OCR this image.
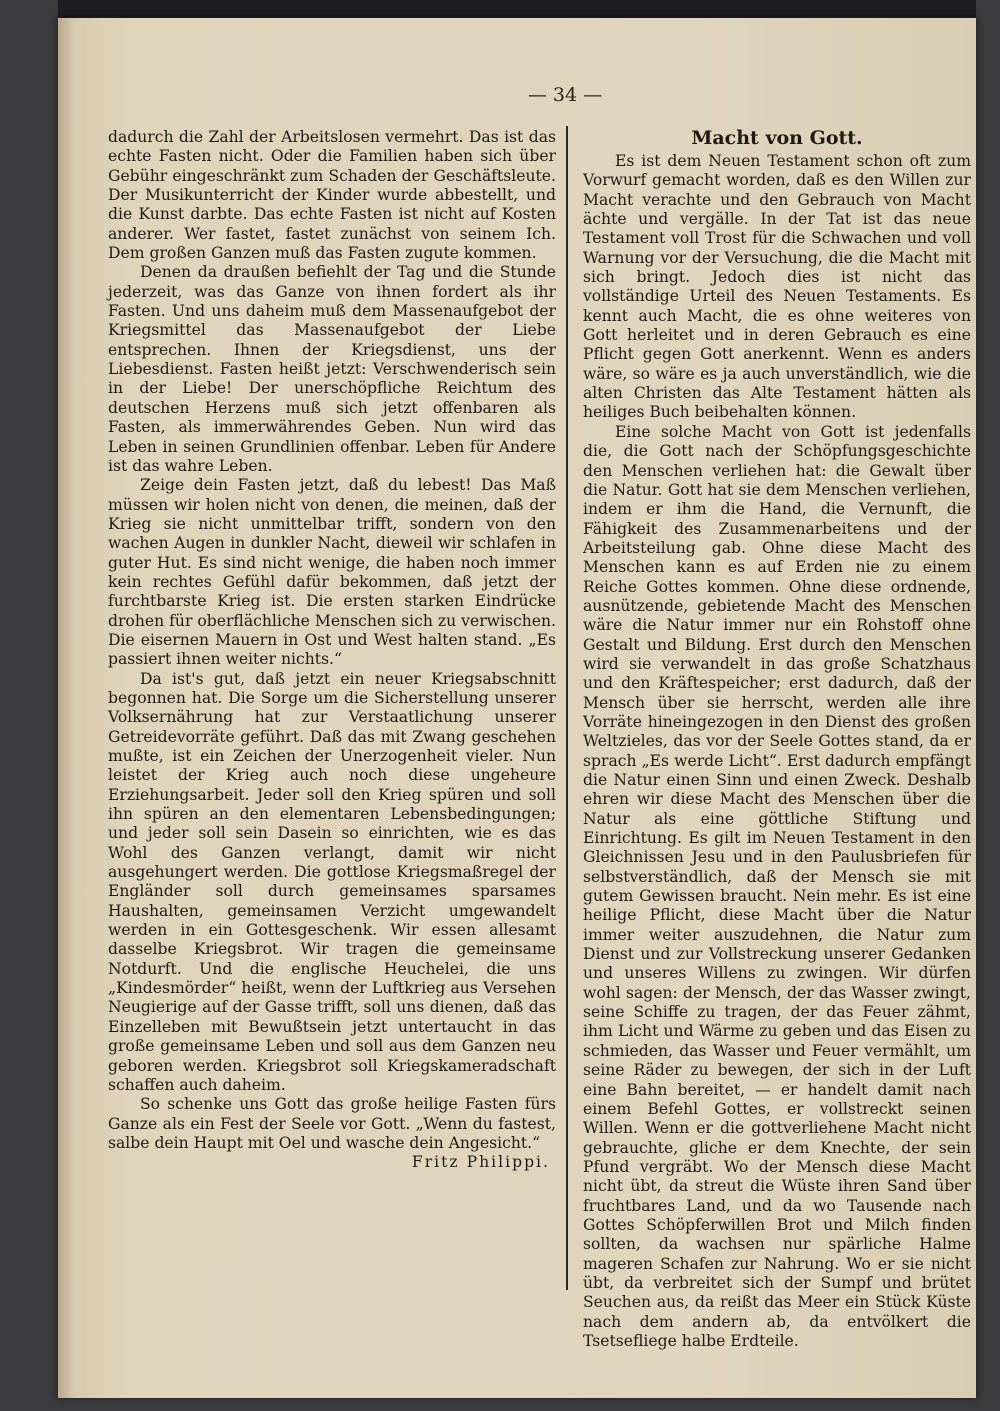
— 34 —

dadurch die Zahl der Arbeitslosen vermehrt. Das ist das echte Fasten nicht. Oder die Familien haben sich über Gebühr eingeschränkt zum Schaden der Geschäftsleute. Der Musikunterricht der Kinder wurde abbestellt, und die Kunst darbte. Das echte Fasten ist nicht auf Kosten anderer. Wer fastet, fastet zunächst von seinem Ich. Dem großen Ganzen muß das Fasten zugute kommen.

Denen da draußen befiehlt der Tag und die Stunde jederzeit, was das Ganze von ihnen fordert als ihr Fasten. Und uns daheim muß dem Massenaufgebot der Kriegsmittel das Massenaufgebot der Liebe entsprechen. Ihnen der Kriegsdienst, uns der Liebesdienst. Fasten heißt jetzt: Verschwenderisch sein in der Liebe! Der unerschöpfliche Reichtum des deutschen Herzens muß sich jetzt offenbaren als Fasten, als immerwährendes Geben. Nun wird das Leben in seinen Grundlinien offenbar. Leben für Andere ist das wahre Leben.

Zeige dein Fasten jetzt, daß du lebest! Das Maß müssen wir holen nicht von denen, die meinen, daß der Krieg sie nicht unmittelbar trifft, sondern von den wachen Augen in dunkler Nacht, dieweil wir schlafen in guter Hut. Es sind nicht wenige, die haben noch immer kein rechtes Gefühl dafür bekommen, daß jetzt der furchtbarste Krieg ist. Die ersten starken Eindrücke drohen für oberflächliche Menschen sich zu verwischen. Die eisernen Mauern in Ost und West halten stand. „Es passiert ihnen weiter nichts.“

Da ist's gut, daß jetzt ein neuer Kriegsabschnitt begonnen hat. Die Sorge um die Sicherstellung unserer Volksernährung hat zur Verstaatlichung unserer Getreidevorräte geführt. Daß das mit Zwang geschehen mußte, ist ein Zeichen der Unerzogenheit vieler. Nun leistet der Krieg auch noch diese ungeheure Erziehungsarbeit. Jeder soll den Krieg spüren und soll ihn spüren an den elementaren Lebensbedingungen; und jeder soll sein Dasein so einrichten, wie es das Wohl des Ganzen verlangt, damit wir nicht ausgehungert werden. Die gottlose Kriegsmaßregel der Engländer soll durch gemeinsames sparsames Haushalten, gemeinsamen Verzicht umgewandelt werden in ein Gottesgeschenk. Wir essen allesamt dasselbe Kriegsbrot. Wir tragen die gemeinsame Notdurft. Und die englische Heuchelei, die uns „Kindesmörder“ heißt, wenn der Luftkrieg aus Versehen Neugierige auf der Gasse trifft, soll uns dienen, daß das Einzelleben mit Bewußtsein jetzt untertaucht in das große gemeinsame Leben und soll aus dem Ganzen neu geboren werden. Kriegsbrot soll Kriegskameradschaft schaffen auch daheim.

So schenke uns Gott das große heilige Fasten fürs Ganze als ein Fest der Seele vor Gott. „Wenn du fastest, salbe dein Haupt mit Oel und wasche dein Angesicht.“

Fritz Philippi.

Macht von Gott.

Es ist dem Neuen Testament schon oft zum Vorwurf gemacht worden, daß es den Willen zur Macht verachte und den Gebrauch von Macht ächte und vergälle. In der Tat ist das neue Testament voll Trost für die Schwachen und voll Warnung vor der Versuchung, die die Macht mit sich bringt. Jedoch dies ist nicht das vollständige Urteil des Neuen Testaments. Es kennt auch Macht, die es ohne weiteres von Gott herleitet und in deren Gebrauch es eine Pflicht gegen Gott anerkennt. Wenn es anders wäre, so wäre es ja auch unverständlich, wie die alten Christen das Alte Testament hätten als heiliges Buch beibehalten können.

Eine solche Macht von Gott ist jedenfalls die, die Gott nach der Schöpfungsgeschichte den Menschen verliehen hat: die Gewalt über die Natur. Gott hat sie dem Menschen verliehen, indem er ihm die Hand, die Vernunft, die Fähigkeit des Zusammenarbeitens und der Arbeitsteilung gab. Ohne diese Macht des Menschen kann es auf Erden nie zu einem Reiche Gottes kommen. Ohne diese ordnende, ausnützende, gebietende Macht des Menschen wäre die Natur immer nur ein Rohstoff ohne Gestalt und Bildung. Erst durch den Menschen wird sie verwandelt in das große Schatzhaus und den Kräftespeicher; erst dadurch, daß der Mensch über sie herrscht, werden alle ihre Vorräte hineingezogen in den Dienst des großen Weltzieles, das vor der Seele Gottes stand, da er sprach „Es werde Licht“. Erst dadurch empfängt die Natur einen Sinn und einen Zweck. Deshalb ehren wir diese Macht des Menschen über die Natur als eine göttliche Stiftung und Einrichtung. Es gilt im Neuen Testament in den Gleichnissen Jesu und in den Paulusbriefen für selbstverständlich, daß der Mensch sie mit gutem Gewissen braucht. Nein mehr. Es ist eine heilige Pflicht, diese Macht über die Natur immer weiter auszudehnen, die Natur zum Dienst und zur Vollstreckung unserer Gedanken und unseres Willens zu zwingen. Wir dürfen wohl sagen: der Mensch, der das Wasser zwingt, seine Schiffe zu tragen, der das Feuer zähmt, ihm Licht und Wärme zu geben und das Eisen zu schmieden, das Wasser und Feuer vermählt, um seine Räder zu bewegen, der sich in der Luft eine Bahn bereitet, — er handelt damit nach einem Befehl Gottes, er vollstreckt seinen Willen. Wenn er die gottverliehene Macht nicht gebrauchte, gliche er dem Knechte, der sein Pfund vergräbt. Wo der Mensch diese Macht nicht übt, da streut die Wüste ihren Sand über fruchtbares Land, und da wo Tausende nach Gottes Schöpferwillen Brot und Milch finden sollten, da wachsen nur spärliche Halme mageren Schafen zur Nahrung. Wo er sie nicht übt, da verbreitet sich der Sumpf und brütet Seuchen aus, da reißt das Meer ein Stück Küste nach dem andern ab, da entvölkert die Tsetsefliege halbe Erdteile.
